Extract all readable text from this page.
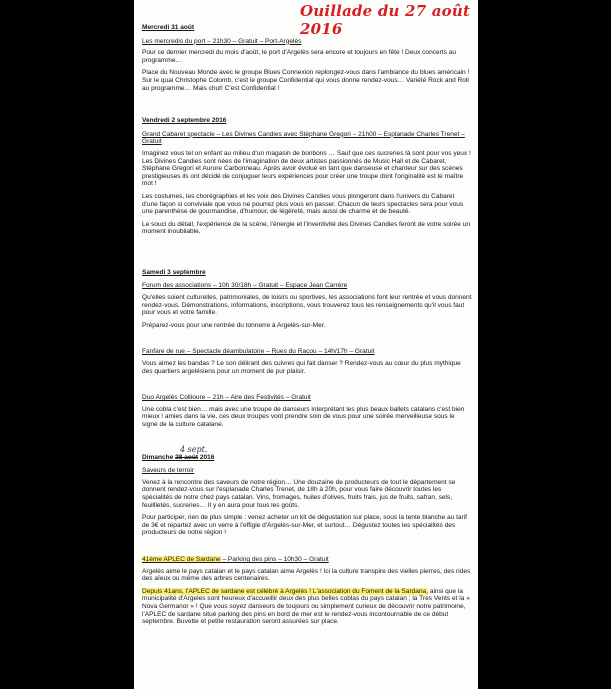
Ouillade du 27 août 2016
Mercredi 31 août
Les mercredis du port – 21h30 – Gratuit – Port-Argelès

Pour ce dernier mercredi du mois d'août, le port d'Argelès sera encore et toujours en fête ! Deux concerts au programme…

Place du Nouveau Monde avec le groupe Blues Connexion replongez-vous dans l'ambiance du blues américain ! Sur le quai Christophe Colomb, c'est le groupe Confidential qui vous donne rendez-vous… Variété Rock and Roll au programme… Mais chut! C'est Confidential !

Vendredi 2 septembre 2016
Grand Cabaret spectacle – Les Divines Candies avec Stéphane Gregori – 21h00 – Esplanade Charles Trenet – Gratuit

Imaginez vous tel un enfant au milieu d'un magasin de bonbons … Sauf que ces sucreries là sont pour vos yeux ! Les Divines Candies sont nées de l'imagination de deux artistes passionnés de Music Hall et de Cabaret, Stéphane Gregori et Aurore Carbonneau. Après avoir évolué en tant que danseuse et chanteur sur des scènes prestigieuses ils ont décidé de conjuguer leurs expériences pour créer une troupe dont l'originalité est le maître mot !

Les costumes, les chorégraphies et les voix des Divines Candies vous plongeront dans l'univers du Cabaret d'une façon si conviviale que vous ne pourrez plus vous en passer. Chacun de leurs spectacles sera pour vous une parenthèse de gourmandise, d'humour, de légèreté, mais aussi de charme et de beauté.

Le souci du détail, l'expérience de la scène, l'énergie et l'inventivité des Divines Candies feront de votre soirée un moment inoubliable.

Samedi 3 septembre
Forum des associations – 10h 30/18h – Gratuit – Espace Jean Carrère

Qu'elles soient culturelles, patrimoniales, de loisirs ou sportives, les associations font leur rentrée et vous donnent rendez-vous. Démonstrations, informations, inscriptions, vous trouverez tous les renseignements qu'il vous faut pour vous et votre famille.

Préparez-vous pour une rentrée du tonnerre à Argelès-sur-Mer.

Fanfare de rue – Spectacle déambulatoire – Rues du Racou – 14h/17h – Gratuit

Vous aimez les bandas ? Le son délirant des cuivres qui fait danser ? Rendez-vous au cœur du plus mythique des quartiers argelésiens pour un moment de pur plaisir.

Duo Argelès Collioure – 21h – Aire des Festivités – Gratuit

Une cobla c'est bien… mais avec une troupe de danseurs interprétant les plus beaux ballets catalans c'est bien mieux ! amies dans la vie, ces deux troupes vont prendre soin de vous pour une soirée merveilleuse sous le signe de la culture catalane.

4 sept.
Dimanche 28 août 2016
Saveurs de terroir

Venez à la rencontre des saveurs de notre région… Une douzaine de producteurs de tout le département se donnent rendez-vous sur l'esplanade Charles Trenet, de 18h à 20h, pour vous faire découvrir toutes les spécialités de notre chez pays catalan. Vins, fromages, huiles d'olives, fruits frais, jus de fruits, safran, sels, feuillletés, sucreries… Il y en aura pour tous les goûts.

Pour participer, rien de plus simple : venez acheter un kit de dégustation sur place, sous la tente blanche au tarif de 3€ et repartez avec un verre à l'effigie d'Argelès-sur-Mer, et surtout… Dégustez toutes les spécialités des producteurs de notre région !

41ème APLEC de Sardane – Parking des pins – 10h30 – Gratuit

Argelès aime le pays catalan et le pays catalan aime Argelès ! Ici la culture transpire des vielles pierres, des rides des aïeux ou même des arbres centenaires.

Depuis 41ans, l'APLEC de sardane est célébré à Argelès ! L'association du Foment de la Sardana, ainsi que la municipalité d'Argeles sont heureux d'accueillir deux des plus belles coblas du pays catalan ; la Tres Vents et la « Nova Germanor » ! Que vous soyez danseurs de toujours ou simplement curieux de découvrir notre patrimoine, l'APLEC de sardane situé parking des pins en bord de mer est le rendez-vous incontournable de ce début septembre. Buvette et petite restauration seront assurées sur place.
